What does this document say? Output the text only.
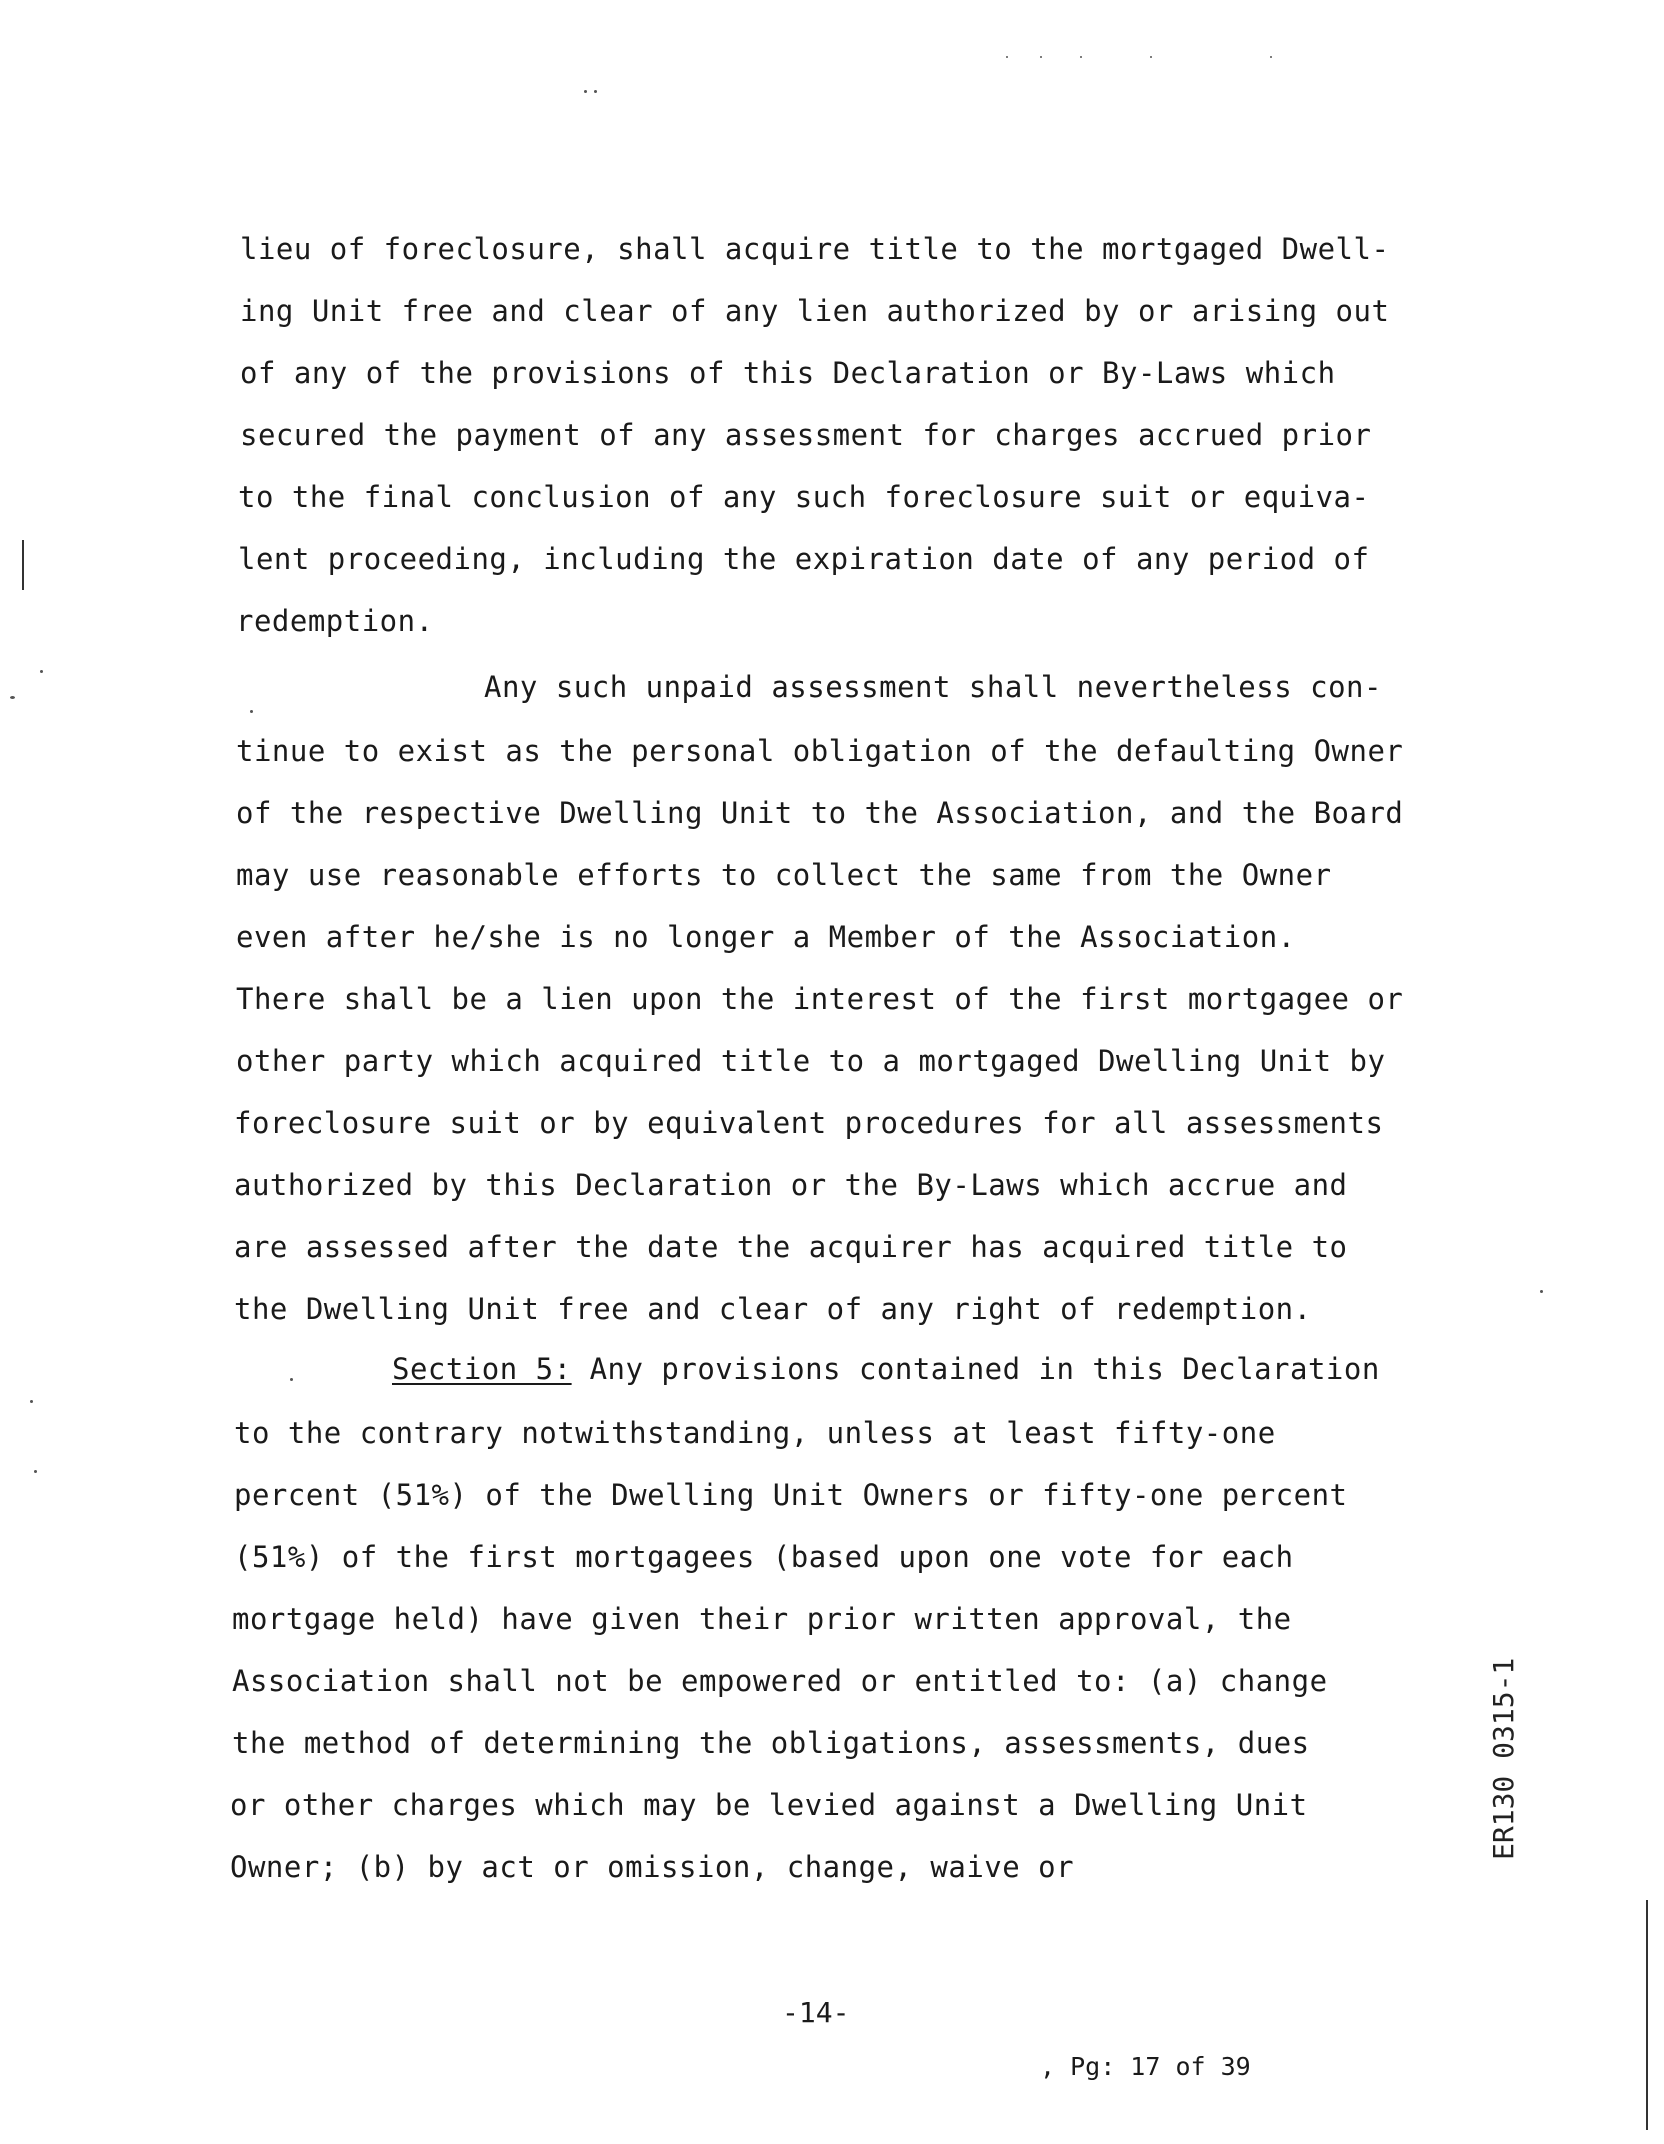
lieu of foreclosure, shall acquire title to the mortgaged Dwell-
ing Unit free and clear of any lien authorized by or arising out
of any of the provisions of this Declaration or By-Laws which
secured the payment of any assessment for charges accrued prior
to the final conclusion of any such foreclosure suit or equiva-
lent proceeding, including the expiration date of any period of
redemption.
Any such unpaid assessment shall nevertheless con-
tinue to exist as the personal obligation of the defaulting Owner
of the respective Dwelling Unit to the Association, and the Board
may use reasonable efforts to collect the same from the Owner
even after he/she is no longer a Member of the Association.
There shall be a lien upon the interest of the first mortgagee or
other party which acquired title to a mortgaged Dwelling Unit by
foreclosure suit or by equivalent procedures for all assessments
authorized by this Declaration or the By-Laws which accrue and
are assessed after the date the acquirer has acquired title to
the Dwelling Unit free and clear of any right of redemption.
Section 5: Any provisions contained in this Declaration
to the contrary notwithstanding, unless at least fifty-one
percent (51%) of the Dwelling Unit Owners or fifty-one percent
(51%) of the first mortgagees (based upon one vote for each
mortgage held) have given their prior written approval, the
Association shall not be empowered or entitled to: (a) change
the method of determining the obligations, assessments, dues
or other charges which may be levied against a Dwelling Unit
Owner; (b) by act or omission, change, waive or
-14-
, Pg: 17 of 39
ER130 0315-1
